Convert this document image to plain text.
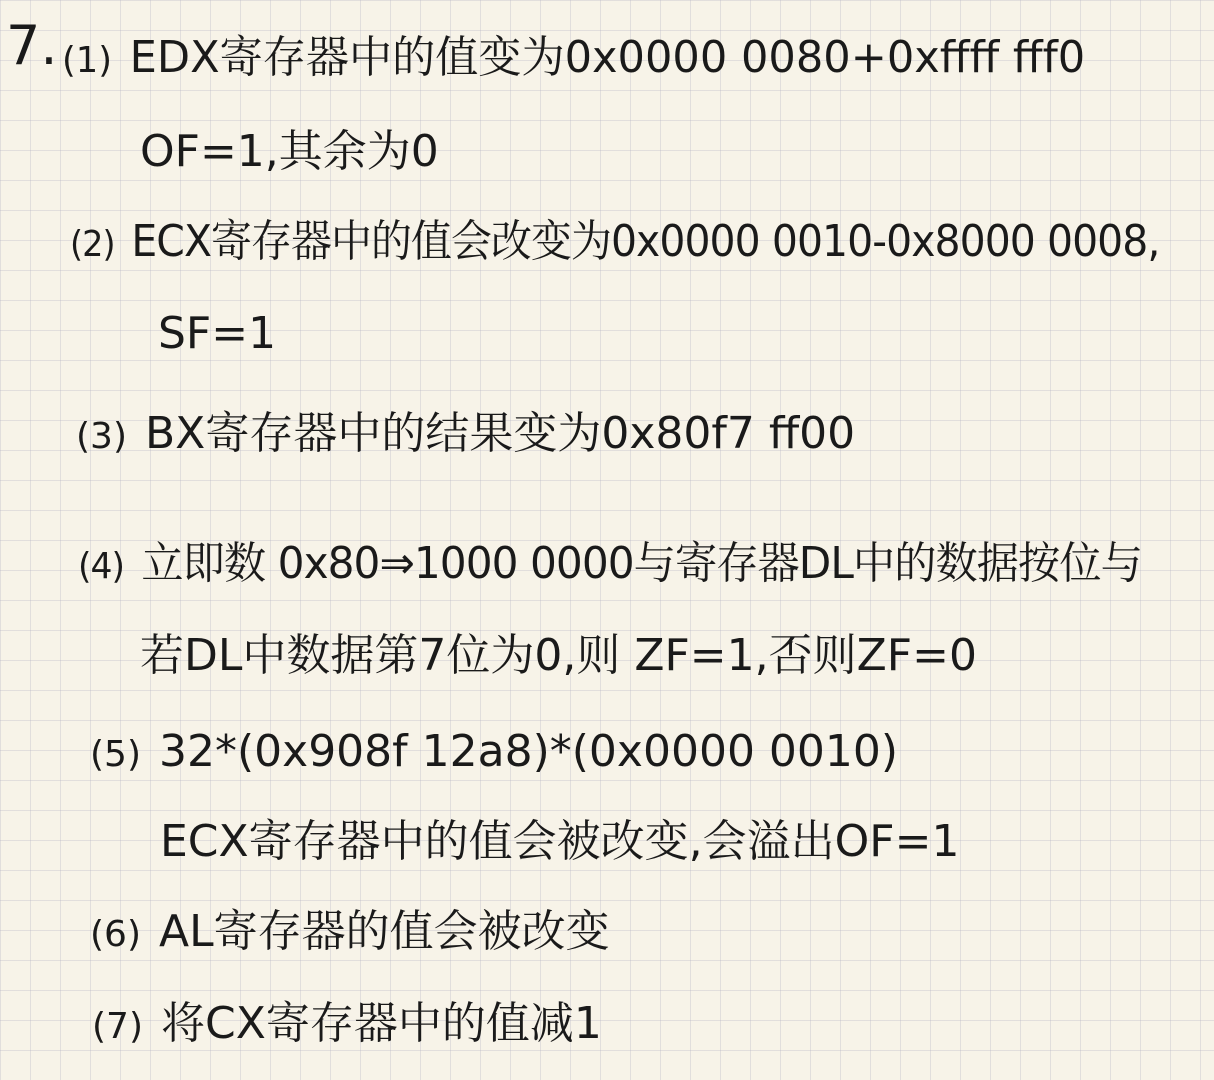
7. (1) EDX寄存器中的值变为0x0000 0080+0xffff fff0
OF=1,其余为0
(2) ECX寄存器中的值会改变为0x0000 0010-0x8000 0008,
SF=1
(3) BX寄存器中的结果变为0x80f7 ff00
(4) 立即数 0x80⇒1000 0000与寄存器DL中的数据按位与
若DL中数据第7位为0,则 ZF=1,否则ZF=0
(5) 32*(0x908f 12a8)*(0x0000 0010)
ECX寄存器中的值会被改变,会溢出OF=1
(6) AL寄存器的值会被改变
(7) 将CX寄存器中的值减1
